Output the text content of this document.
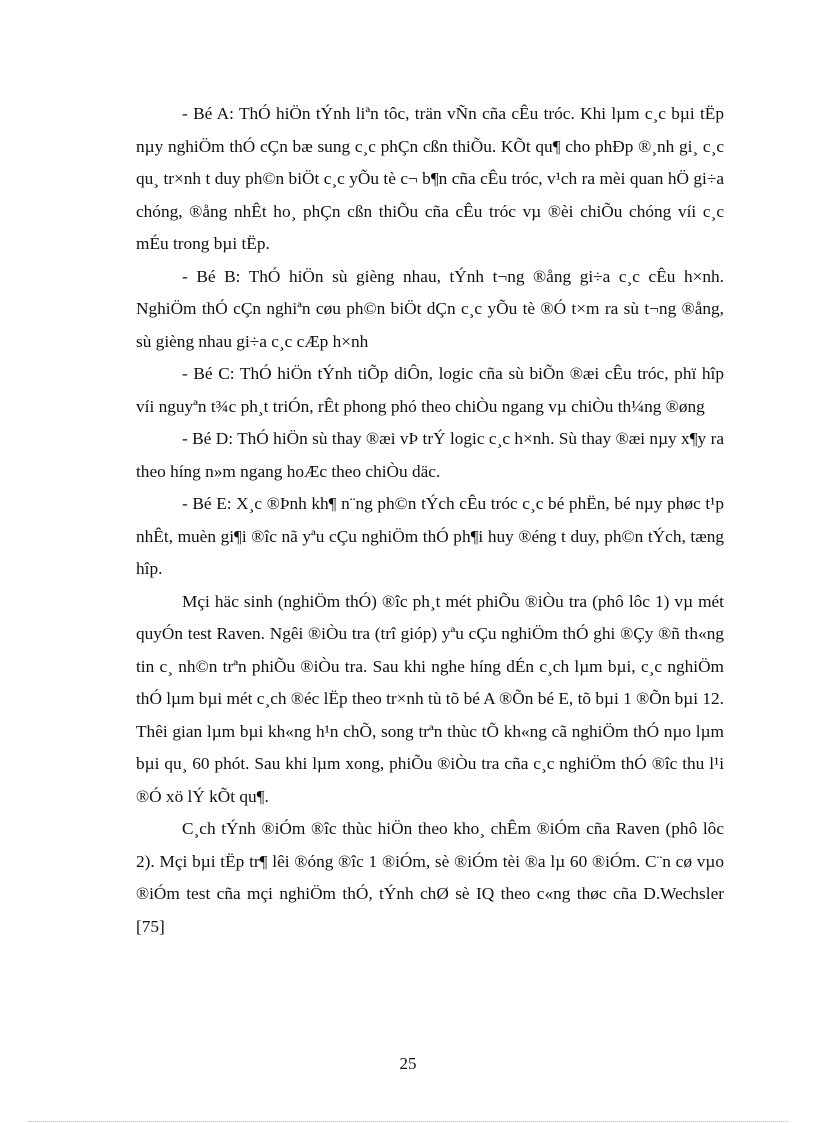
- Bé A: ThÓ hiÖn tÝnh liªn tôc, trän vÑn cña cÊu tróc. Khi lµm c¸c bµi tËp nµy nghiÖm thÓ cÇn bæ sung c¸c phÇn cßn thiÕu. KÕt qu¶ cho phÐp ®¸nh gi¸ c¸c qu¸ tr×nh t duy ph©n biÖt c¸c yÕu tè c¬ b¶n cña cÊu tróc, v¹ch ra mèi quan hÖ gi÷a chóng, ®ång nhÊt ho¸ phÇn cßn thiÕu cña cÊu tróc vµ ®èi chiÕu chóng víi c¸c mÉu trong bµi tËp.

- Bé B: ThÓ hiÖn sù gièng nhau, tÝnh t¬ng ®ång gi÷a c¸c cÊu h×nh. NghiÖm thÓ cÇn nghiªn cøu ph©n biÖt dÇn c¸c yÕu tè ®Ó t×m ra sù t¬ng ®ång, sù gièng nhau gi÷a c¸c cÆp h×nh

- Bé C: ThÓ hiÖn tÝnh tiÕp diÔn, logic cña sù biÕn ®æi cÊu tróc, phï hîp víi nguyªn t¾c ph¸t triÓn, rÊt phong phó theo chiÒu ngang vµ chiÒu th¼ng ®øng

- Bé D: ThÓ hiÖn sù thay ®æi vÞ trÝ logic c¸c h×nh. Sù thay ®æi nµy x¶y ra theo híng n»m ngang hoÆc theo chiÒu däc.

- Bé E: X¸c ®Þnh kh¶ n¨ng ph©n tÝch cÊu tróc c¸c bé phËn, bé nµy phøc t¹p nhÊt, muèn gi¶i ®îc nã yªu cÇu nghiÖm thÓ ph¶i huy ®éng t duy, ph©n tÝch, tæng hîp.

Mçi häc sinh (nghiÖm thÓ) ®îc ph¸t mét phiÕu ®iÒu tra (phô lôc 1) vµ mét quyÓn test Raven. Ngêi ®iÒu tra (trî gióp) yªu cÇu nghiÖm thÓ ghi ®Çy ®ñ th«ng tin c¸ nh©n trªn phiÕu ®iÒu tra. Sau khi nghe híng dÉn c¸ch lµm bµi, c¸c nghiÖm thÓ lµm bµi mét c¸ch ®éc lËp theo tr×nh tù tõ bé A ®Õn bé E, tõ bµi 1 ®Õn bµi 12. Thêi gian lµm bµi kh«ng h¹n chÕ, song trªn thùc tÕ kh«ng cã nghiÖm thÓ nµo lµm bµi qu¸ 60 phót. Sau khi lµm xong, phiÕu ®iÒu tra cña c¸c nghiÖm thÓ ®îc thu l¹i ®Ó xö lÝ kÕt qu¶.

C¸ch tÝnh ®iÓm ®îc thùc hiÖn theo kho¸ chÊm ®iÓm cña Raven (phô lôc 2). Mçi bµi tËp tr¶ lêi ®óng ®îc 1 ®iÓm, sè ®iÓm tèi ®a lµ 60 ®iÓm. C¨n cø vµo ®iÓm test cña mçi nghiÖm thÓ, tÝnh chØ sè IQ theo c«ng thøc cña D.Wechsler [75]

25
